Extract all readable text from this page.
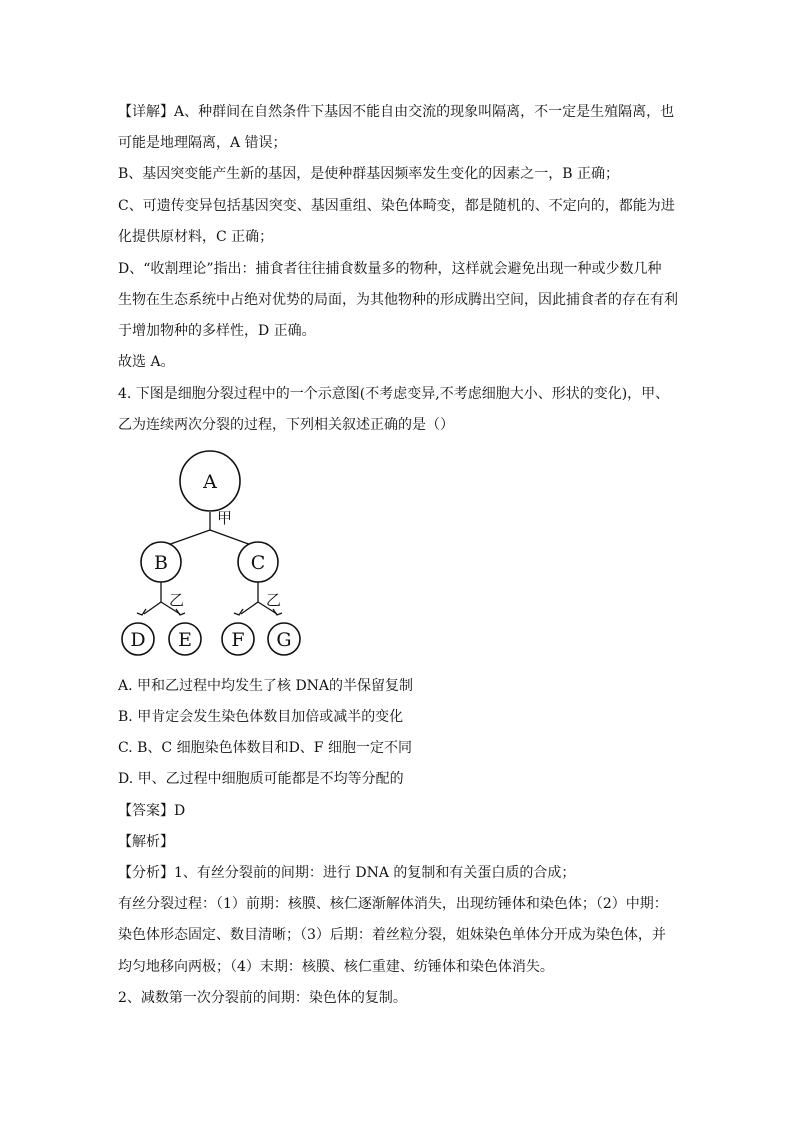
【详解】A、种群间在自然条件下基因不能自由交流的现象叫隔离，不一定是生殖隔离，也
可能是地理隔离，A 错误；
B、基因突变能产生新的基因，是使种群基因频率发生变化的因素之一，B 正确；
C、可遗传变异包括基因突变、基因重组、染色体畸变，都是随机的、不定向的，都能为进
化提供原材料，C 正确；
D、“收割理论”指出：捕食者往往捕食数量多的物种，这样就会避免出现一种或少数几种
生物在生态系统中占绝对优势的局面，为其他物种的形成腾出空间，因此捕食者的存在有利
于增加物种的多样性，D 正确。
故选 A。
4. 下图是细胞分裂过程中的一个示意图(不考虑变异,不考虑细胞大小、形状的变化)，甲、
乙为连续两次分裂的过程，下列相关叙述正确的是（）
A
B	C
D E F G
甲
乙	乙
A. 甲和乙过程中均发生了核 DNA的半保留复制
B. 甲肯定会发生染色体数目加倍或减半的变化
C. B、C 细胞染色体数目和D、F 细胞一定不同
D. 甲、乙过程中细胞质可能都是不均等分配的
【答案】D
【解析】
【分析】1、有丝分裂前的间期：进行 DNA 的复制和有关蛋白质的合成；
有丝分裂过程：（1）前期：核膜、核仁逐渐解体消失，出现纺锤体和染色体；（2）中期：
染色体形态固定、数目清晰；（3）后期：着丝粒分裂，姐妹染色单体分开成为染色体，并
均匀地移向两极；（4）末期：核膜、核仁重建、纺锤体和染色体消失。
2、减数第一次分裂前的间期：染色体的复制。
